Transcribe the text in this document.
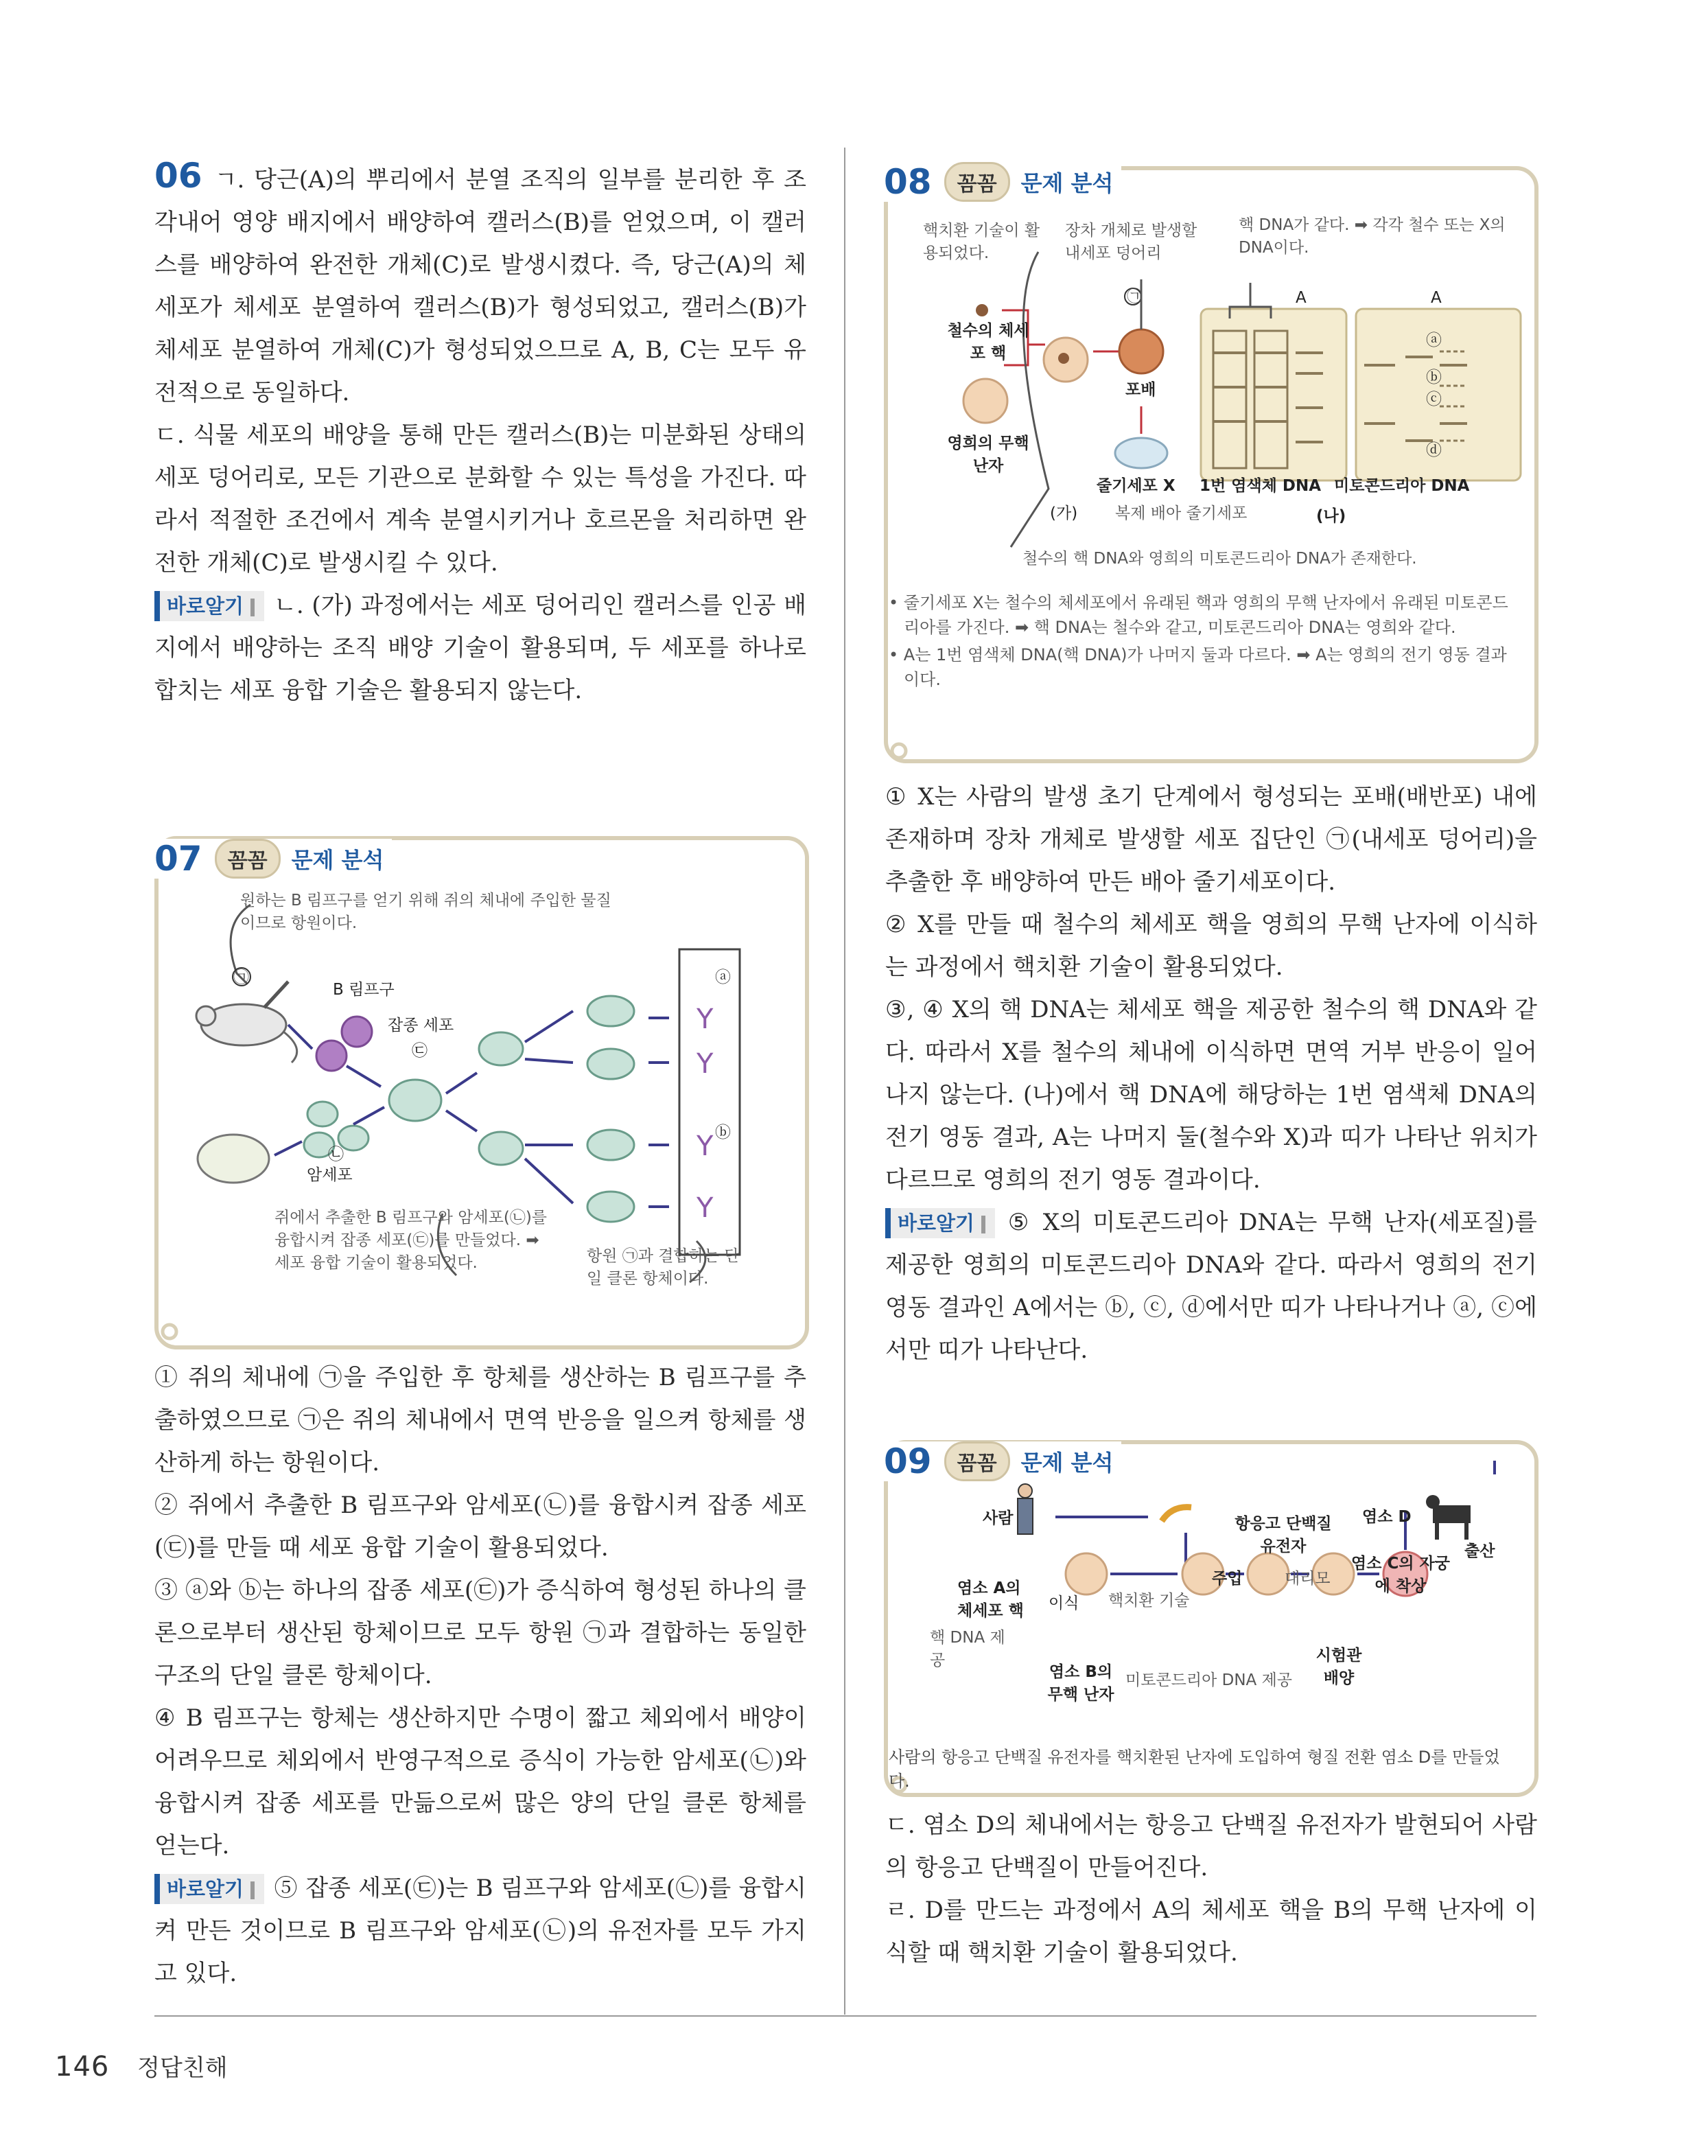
06 ㄱ. 당근(A)의 뿌리에서 분열 조직의 일부를 분리한 후 조각내어 영양 배지에서 배양하여 캘러스(B)를 얻었으며, 이 캘러스를 배양하여 완전한 개체(C)로 발생시켰다. 즉, 당근(A)의 체세포가 체세포 분열하여 캘러스(B)가 형성되었고, 캘러스(B)가 체세포 분열하여 개체(C)가 형성되었으므로 A, B, C는 모두 유전적으로 동일하다.

ㄷ. 식물 세포의 배양을 통해 만든 캘러스(B)는 미분화된 상태의 세포 덩어리로, 모든 기관으로 분화할 수 있는 특성을 가진다. 따라서 적절한 조건에서 계속 분열시키거나 호르몬을 처리하면 완전한 개체(C)로 발생시킬 수 있다.

바로알기 ㄴ. (가) 과정에서는 세포 덩어리인 캘러스를 인공 배지에서 배양하는 조직 배양 기술이 활용되며, 두 세포를 하나로 합치는 세포 융합 기술은 활용되지 않는다.

07	꼼꼼	문제 분석
원하는 B 림프구를 얻기 위해 쥐의 체내에 주입한 물질이므로 항원이다.
Y
Y
Y
Y
㉠
B 림프구
잡종 세포
㉢
㉡
암세포
ⓐ
ⓑ
쥐에서 추출한 B 림프구와 암세포(㉡)를 융합시켜 잡종 세포(㉢)를 만들었다. ➡ 세포 융합 기술이 활용되었다.	항원 ㉠과 결합하는 단일 클론 항체이다.

① 쥐의 체내에 ㉠을 주입한 후 항체를 생산하는 B 림프구를 추출하였으므로 ㉠은 쥐의 체내에서 면역 반응을 일으켜 항체를 생산하게 하는 항원이다.

② 쥐에서 추출한 B 림프구와 암세포(㉡)를 융합시켜 잡종 세포(㉢)를 만들 때 세포 융합 기술이 활용되었다.

③ ⓐ와 ⓑ는 하나의 잡종 세포(㉢)가 증식하여 형성된 하나의 클론으로부터 생산된 항체이므로 모두 항원 ㉠과 결합하는 동일한 구조의 단일 클론 항체이다.

④ B 림프구는 항체는 생산하지만 수명이 짧고 체외에서 배양이 어려우므로 체외에서 반영구적으로 증식이 가능한 암세포(㉡)와 융합시켜 잡종 세포를 만듦으로써 많은 양의 단일 클론 항체를 얻는다.

바로알기 ⑤ 잡종 세포(㉢)는 B 림프구와 암세포(㉡)를 융합시켜 만든 것이므로 B 림프구와 암세포(㉡)의 유전자를 모두 가지고 있다.

08	꼼꼼	문제 분석
핵치환 기술이 활용되었다.
장차 개체로 발생할 내세포 덩어리
핵 DNA가 같다. ➡ 각각 철수 또는 X의 DNA이다.
철수의 체세포 핵
영희의 무핵 난자
㉠
포배
줄기세포 X
(가) 복제 배아 줄기세포
1번 염색체 DNA 미토콘드리아 DNA
(나)
A	A
ⓐ
ⓑ
ⓒ
ⓓ
철수의 핵 DNA와 영희의 미토콘드리아 DNA가 존재한다.
• 줄기세포 X는 철수의 체세포에서 유래된 핵과 영희의 무핵 난자에서 유래된 미토콘드리아를 가진다. ➡ 핵 DNA는 철수와 같고, 미토콘드리아 DNA는 영희와 같다.
• A는 1번 염색체 DNA(핵 DNA)가 나머지 둘과 다르다. ➡ A는 영희의 전기 영동 결과이다.

① X는 사람의 발생 초기 단계에서 형성되는 포배(배반포) 내에 존재하며 장차 개체로 발생할 세포 집단인 ㉠(내세포 덩어리)을 추출한 후 배양하여 만든 배아 줄기세포이다.

② X를 만들 때 철수의 체세포 핵을 영희의 무핵 난자에 이식하는 과정에서 핵치환 기술이 활용되었다.

③, ④ X의 핵 DNA는 체세포 핵을 제공한 철수의 핵 DNA와 같다. 따라서 X를 철수의 체내에 이식하면 면역 거부 반응이 일어나지 않는다. (나)에서 핵 DNA에 해당하는 1번 염색체 DNA의 전기 영동 결과, A는 나머지 둘(철수와 X)과 띠가 나타난 위치가 다르므로 영희의 전기 영동 결과이다.

바로알기 ⑤ X의 미토콘드리아 DNA는 무핵 난자(세포질)를 제공한 영희의 미토콘드리아 DNA와 같다. 따라서 영희의 전기 영동 결과인 A에서는 ⓑ, ⓒ, ⓓ에서만 띠가 나타나거나 ⓐ, ⓒ에서만 띠가 나타난다.

09	꼼꼼	문제 분석
사람	항응고 단백질 유전자
염소 D
주입	대리모
염소 C의 자궁에 착상
출산
염소 A의 체세포 핵	이식 핵치환 기술
핵 DNA 제공
염소 B의 무핵 난자
미토콘드리아 DNA 제공
시험관 배양
사람의 항응고 단백질 유전자를 핵치환된 난자에 도입하여 형질 전환 염소 D를 만들었다.

ㄷ. 염소 D의 체내에서는 항응고 단백질 유전자가 발현되어 사람의 항응고 단백질이 만들어진다.

ㄹ. D를 만드는 과정에서 A의 체세포 핵을 B의 무핵 난자에 이식할 때 핵치환 기술이 활용되었다.

146 정답친해
